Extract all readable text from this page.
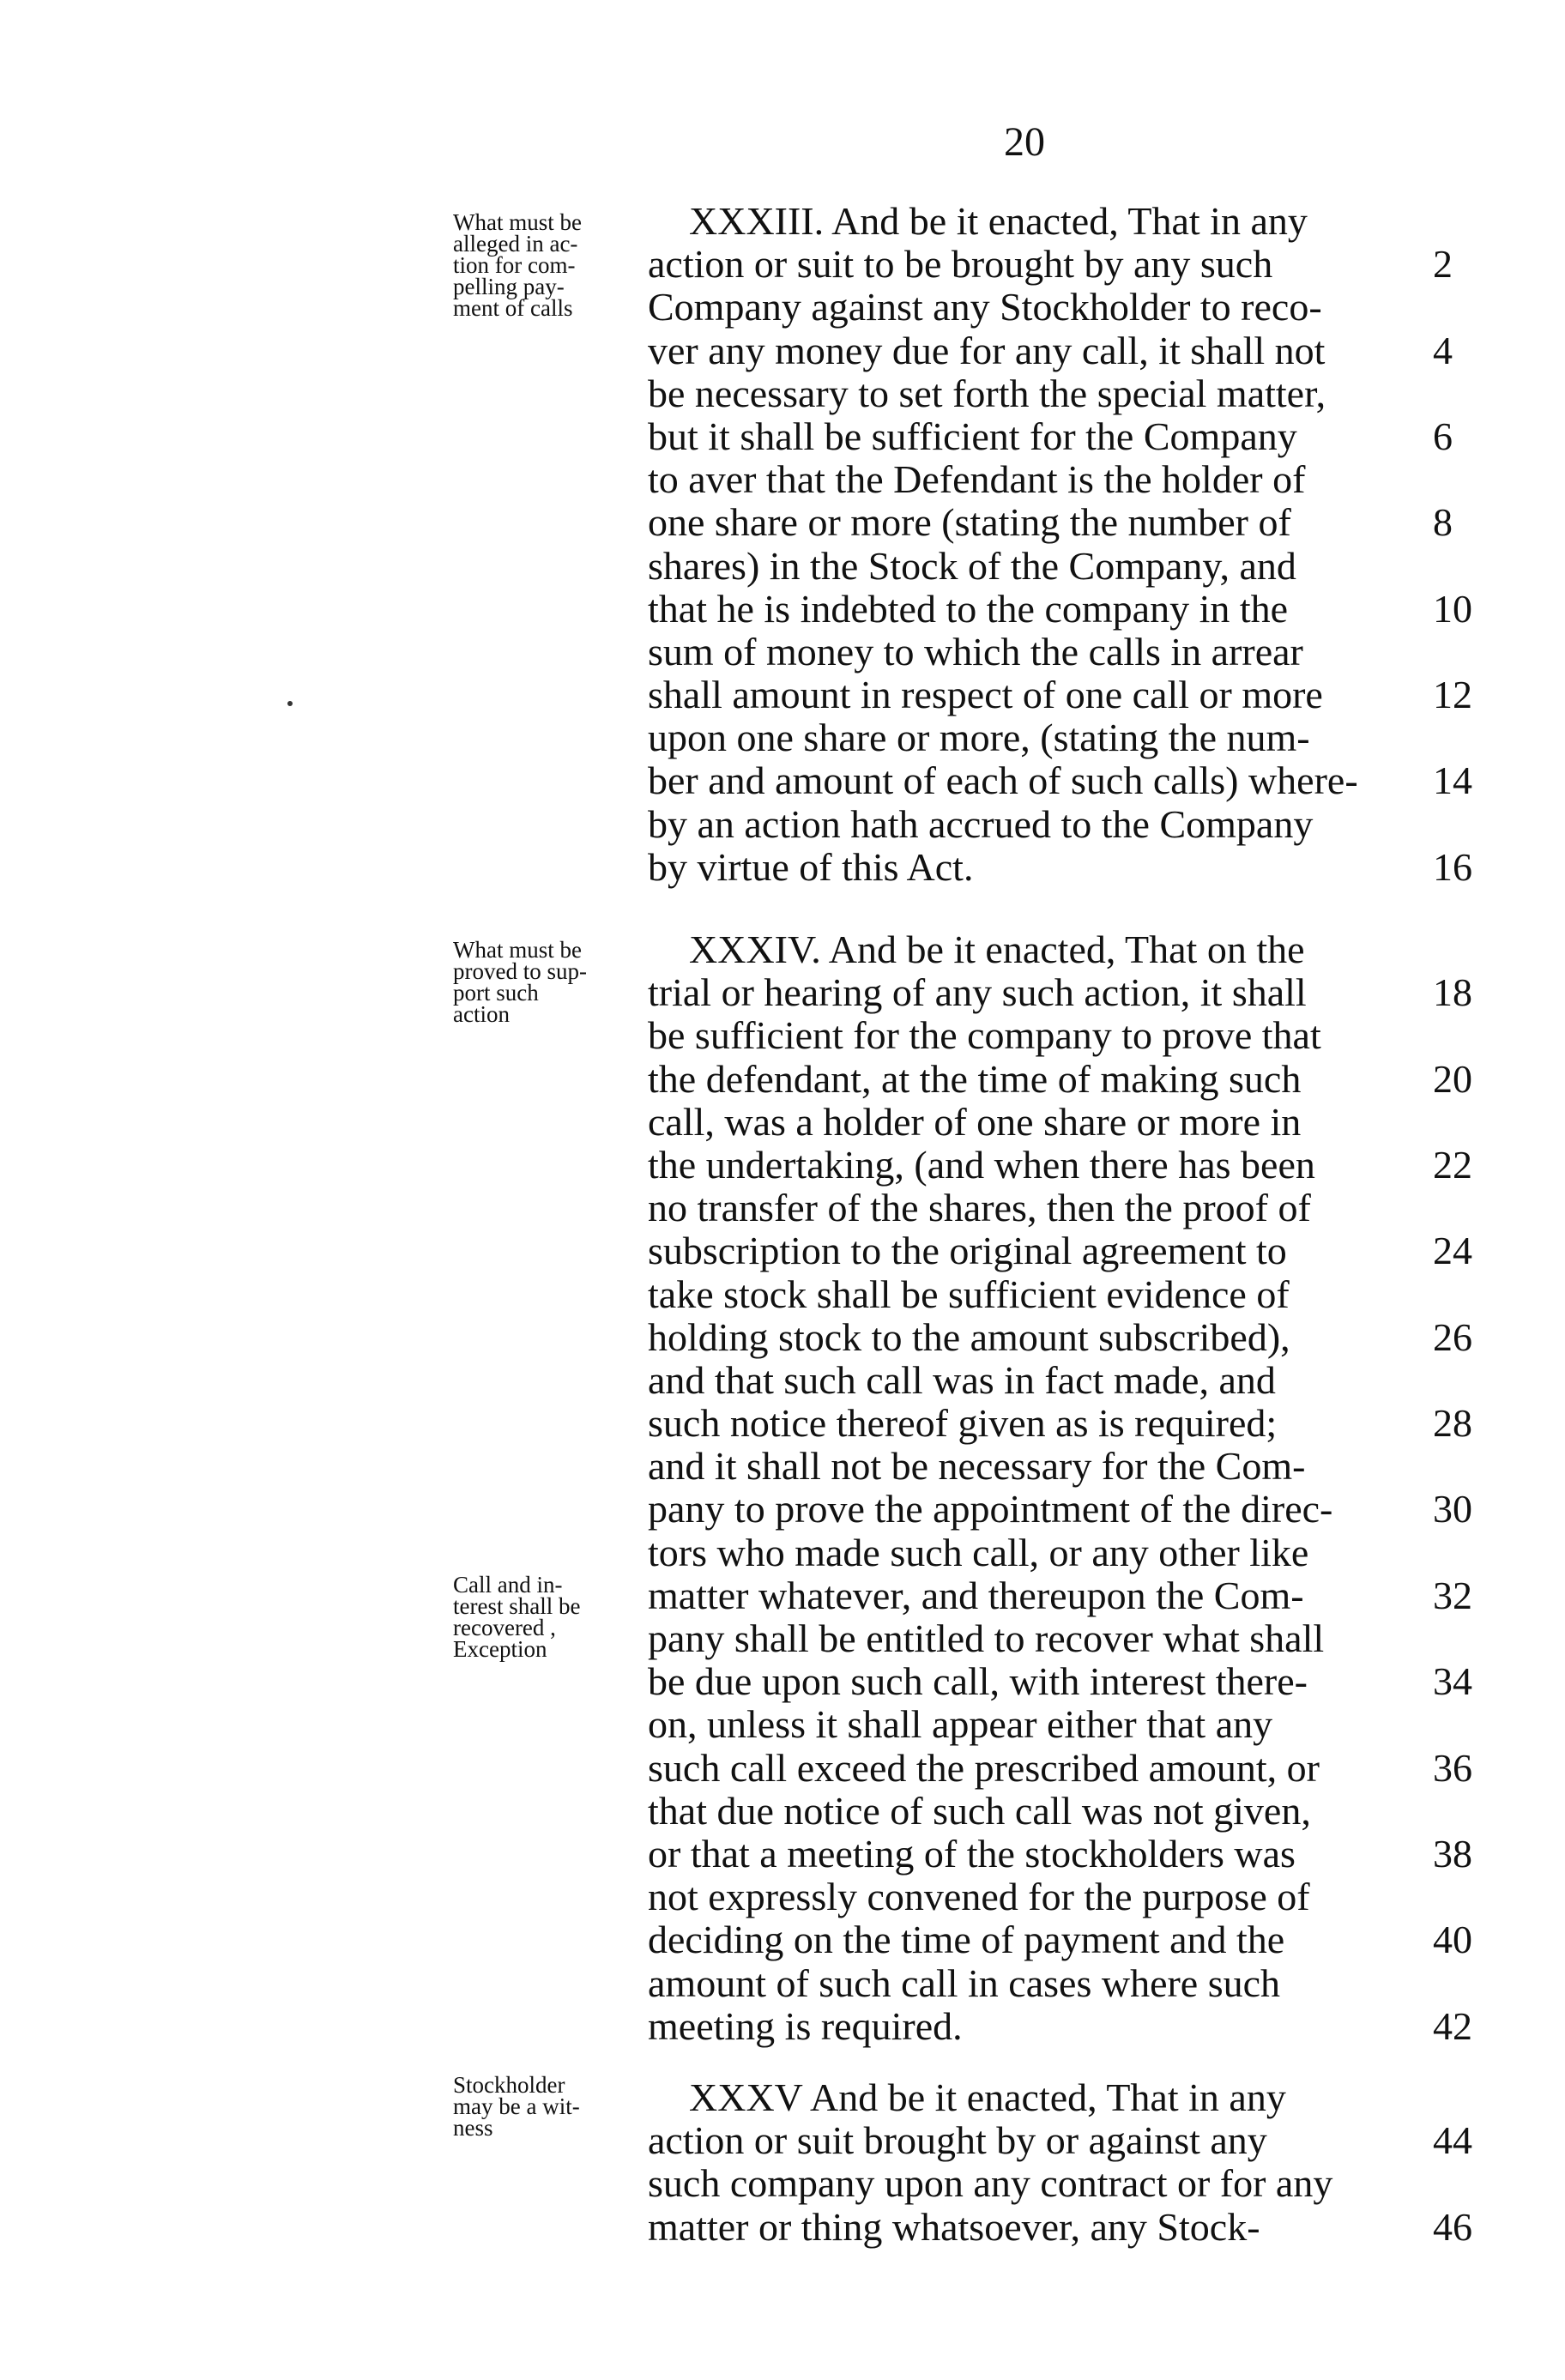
20
What must be
alleged in ac-
tion for com-
pelling pay-
ment of calls
What must be
proved to sup-
port such
action
Call and in-
terest shall be
recovered ,
Exception
Stockholder
may be a wit-
ness
XXXIII. And be it enacted, That in any
action or suit to be brought by any such	2
Company against any Stockholder to reco-
ver any money due for any call, it shall not	4
be necessary to set forth the special matter,
but it shall be sufficient for the Company	6
to aver that the Defendant is the holder of
one share or more (stating the number of	8
shares) in the Stock of the Company, and
that he is indebted to the company in the	10
sum of money to which the calls in arrear
shall amount in respect of one call or more	12
upon one share or more, (stating the num-
ber and amount of each of such calls) where- 14
by an action hath accrued to the Company
by virtue of this Act.	16
XXXIV. And be it enacted, That on the
trial or hearing of any such action, it shall	18
be sufficient for the company to prove that
the defendant, at the time of making such	20
call, was a holder of one share or more in
the undertaking, (and when there has been	22
no transfer of the shares, then the proof of
subscription to the original agreement to	24
take stock shall be sufficient evidence of
holding stock to the amount subscribed),	26
and that such call was in fact made, and
such notice thereof given as is required;	28
and it shall not be necessary for the Com-
pany to prove the appointment of the direc-	30
tors who made such call, or any other like
matter whatever, and thereupon the Com-	32
pany shall be entitled to recover what shall
be due upon such call, with interest there-	34
on, unless it shall appear either that any
such call exceed the prescribed amount, or	36
that due notice of such call was not given,
or that a meeting of the stockholders was	38
not expressly convened for the purpose of
deciding on the time of payment and the	40
amount of such call in cases where such
meeting is required.	42
XXXV And be it enacted, That in any
action or suit brought by or against any	44
such company upon any contract or for any
matter or thing whatsoever, any Stock-	46
